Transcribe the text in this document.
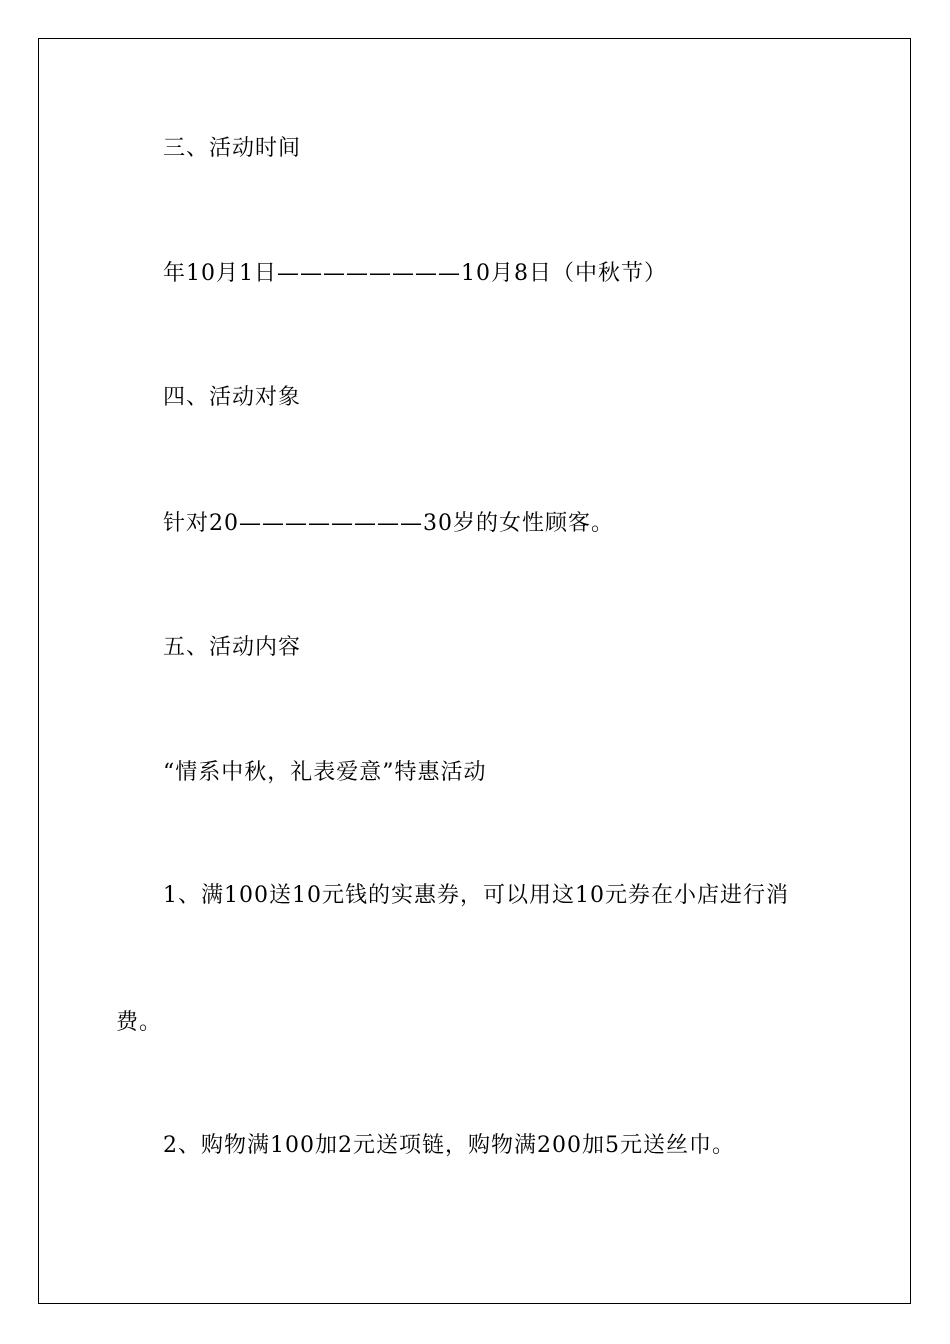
三、活动时间
年10月1日————————10月8日（中秋节）
四、活动对象
针对20————————30岁的女性顾客。
五、活动内容
“情系中秋，礼表爱意”特惠活动
1、满100送10元钱的实惠券，可以用这10元券在小店进行消
费。
2、购物满100加2元送项链，购物满200加5元送丝巾。
